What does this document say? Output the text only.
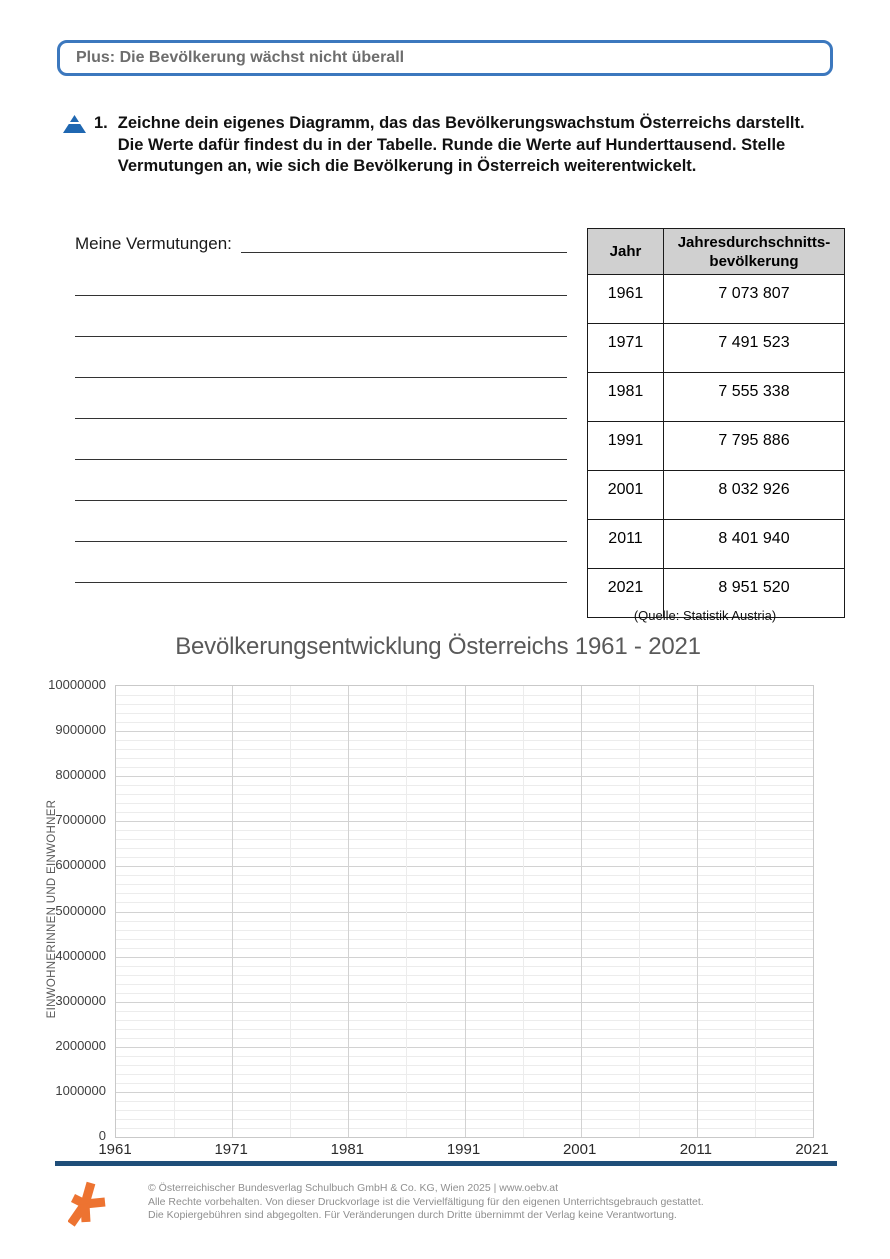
Plus: Die Bevölkerung wächst nicht überall
1. Zeichne dein eigenes Diagramm, das das Bevölkerungswachstum Österreichs darstellt. Die Werte dafür findest du in der Tabelle. Runde die Werte auf Hunderttausend. Stelle Vermutungen an, wie sich die Bevölkerung in Österreich weiterentwickelt.
Meine Vermutungen:	Jahr	Jahresdurchschnitts-
bevölkerung
1961	7 073 807
1971	7 491 523
1981	7 555 338
1991	7 795 886
2001	8 032 926
2011	8 401 940
2021	8 951 520
(Quelle: Statistik Austria)
Bevölkerungsentwicklung Österreichs 1961 - 2021
EINWOHNERINNEN UND EINWOHNER
10000000
9000000
8000000
7000000
6000000
5000000
4000000
3000000
2000000
1000000
0
1961	1971	1981	1991	2001	2011	2021
© Österreichischer Bundesverlag Schulbuch GmbH & Co. KG, Wien 2025 | www.oebv.at
Alle Rechte vorbehalten. Von dieser Druckvorlage ist die Vervielfältigung für den eigenen Unterrichtsgebrauch gestattet.
Die Kopiergebühren sind abgegolten. Für Veränderungen durch Dritte übernimmt der Verlag keine Verantwortung.
